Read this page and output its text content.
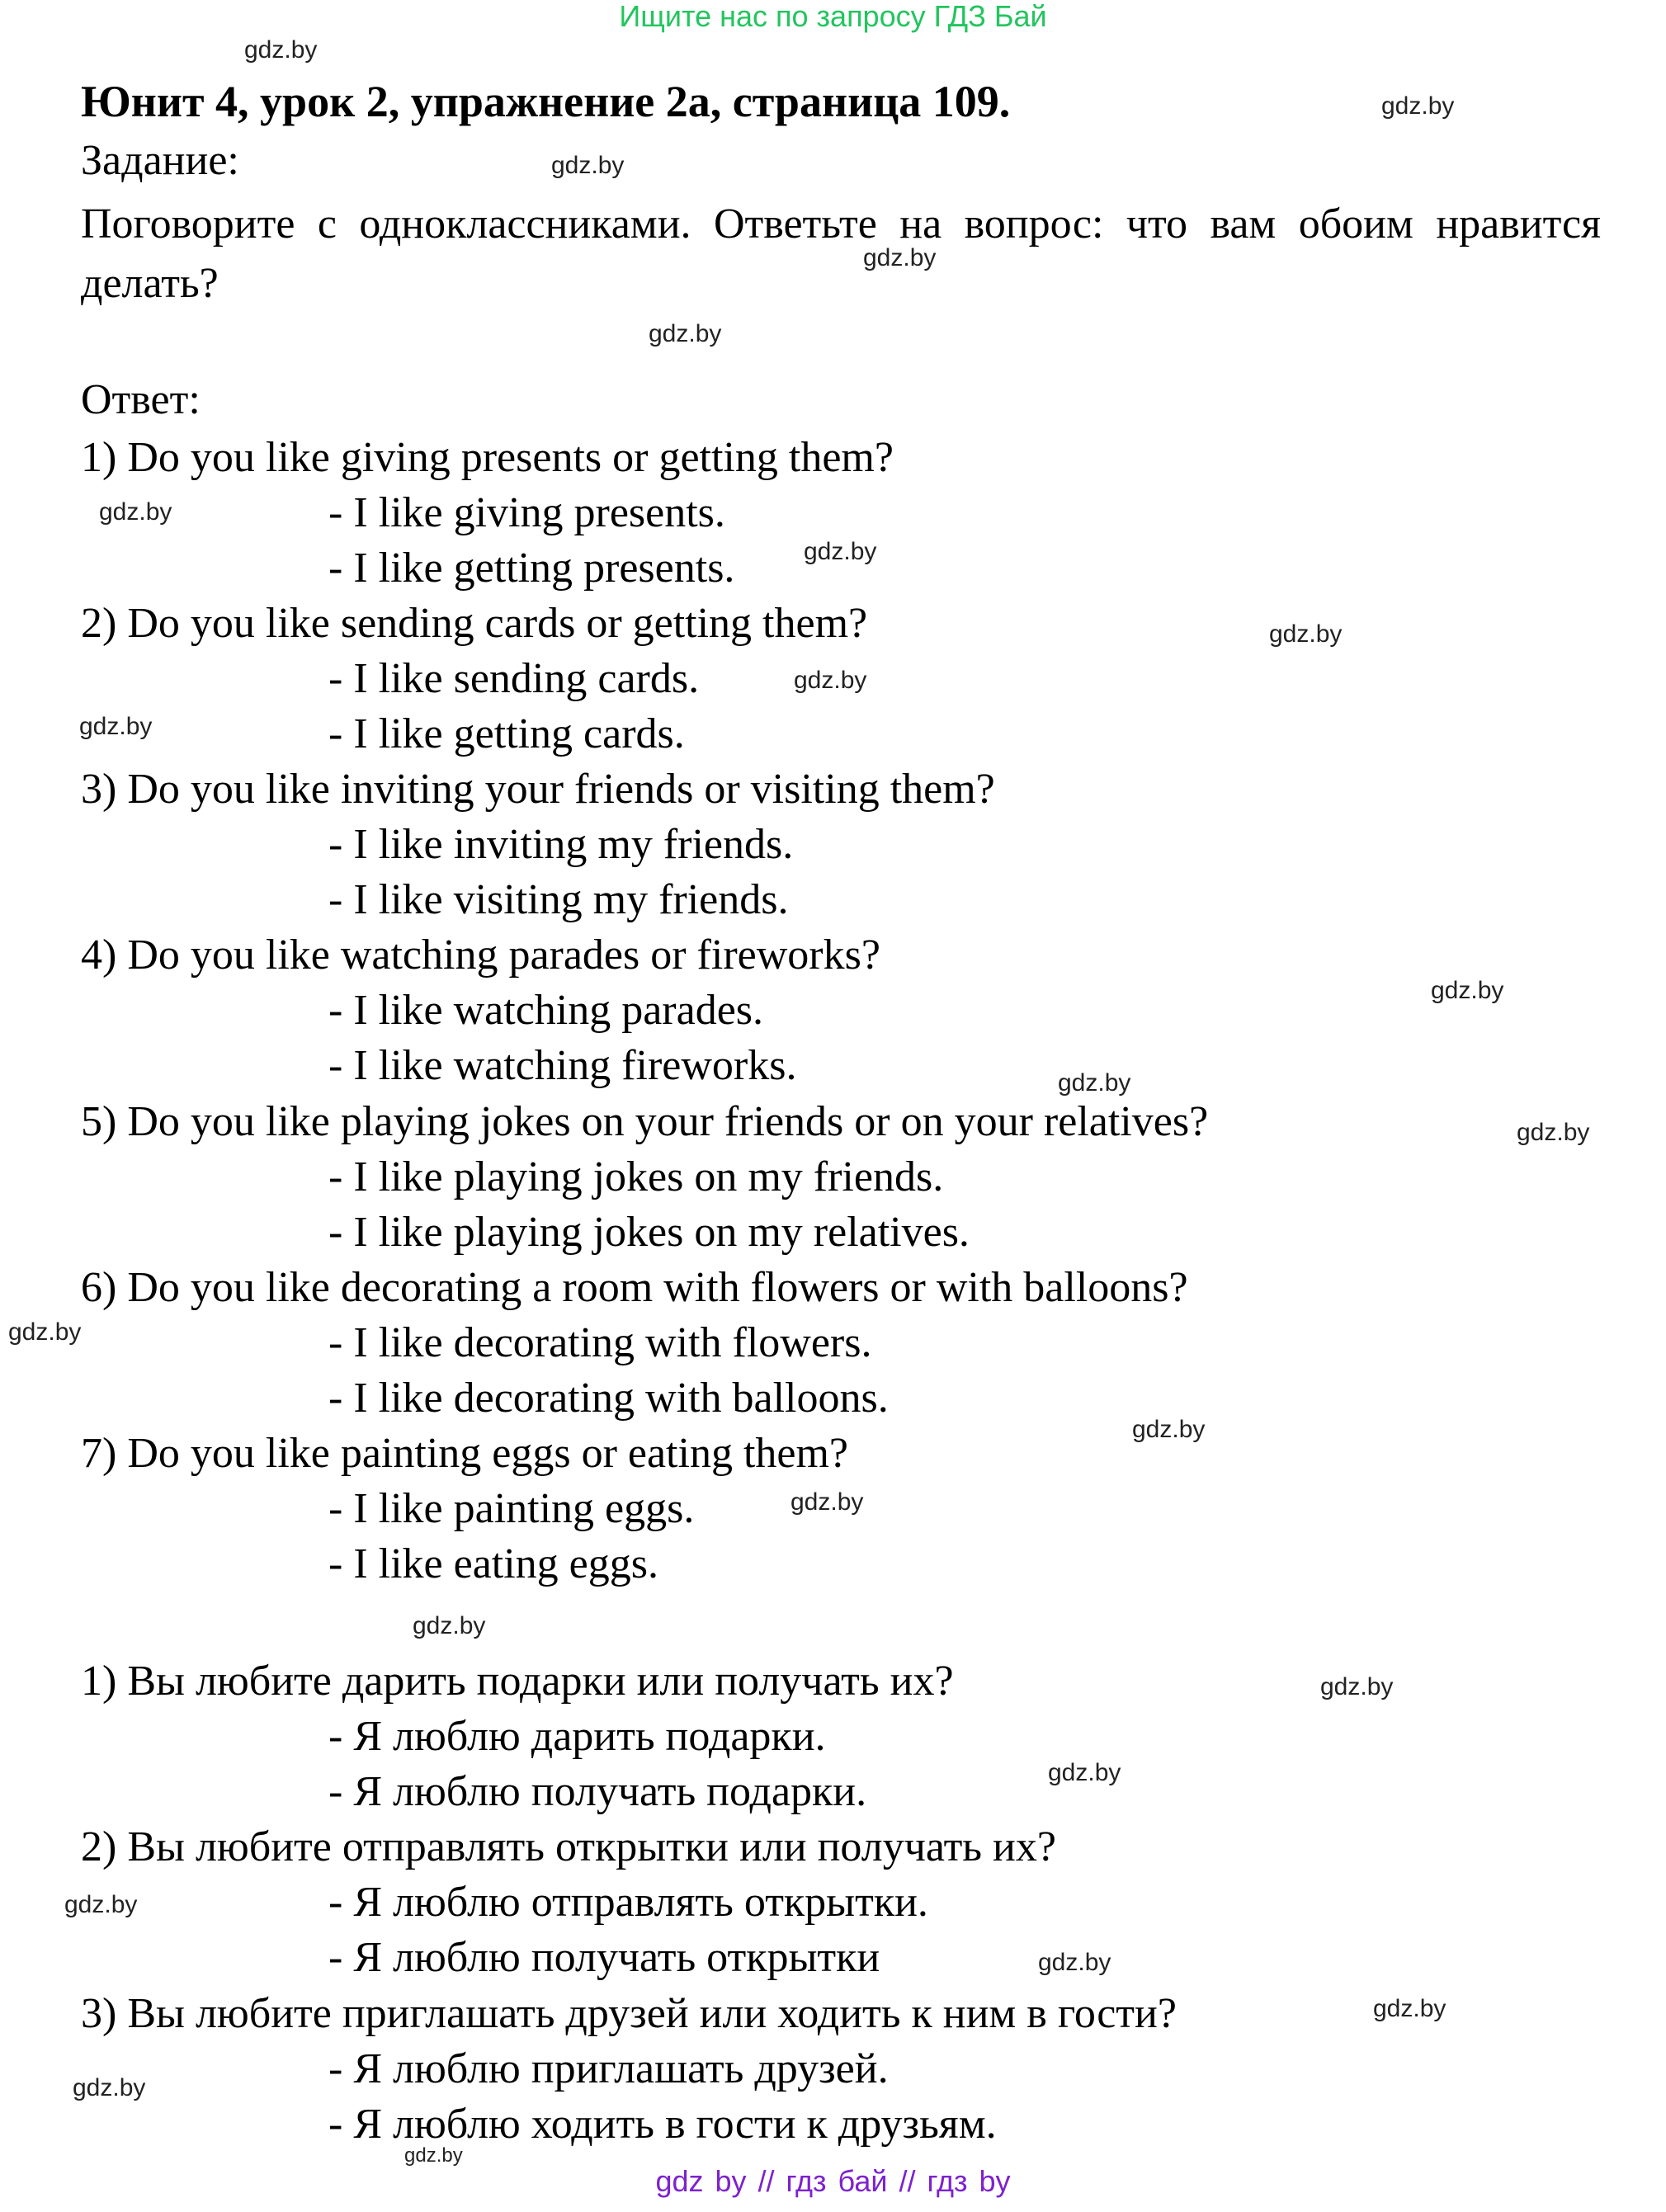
Ищите нас по запросу ГДЗ Бай
Юнит 4, урок 2, упражнение 2а, страница 109.
Задание:
Поговорите с одноклассниками. Ответьте на вопрос: что вам обоим нравится делать?
Ответ:
1) Do you like giving presents or getting them?
- I like giving presents.
- I like getting presents.
2) Do you like sending cards or getting them?
- I like sending cards.
- I like getting cards.
3) Do you like inviting your friends or visiting them?
- I like inviting my friends.
- I like visiting my friends.
4) Do you like watching parades or fireworks?
- I like watching parades.
- I like watching fireworks.
5) Do you like playing jokes on your friends or on your relatives?
- I like playing jokes on my friends.
- I like playing jokes on my relatives.
6) Do you like decorating a room with flowers or with balloons?
- I like decorating with flowers.
- I like decorating with balloons.
7) Do you like painting eggs or eating them?
- I like painting eggs.
- I like eating eggs.
1) Вы любите дарить подарки или получать их?
- Я люблю дарить подарки.
- Я люблю получать подарки.
2) Вы любите отправлять открытки или получать их?
- Я люблю отправлять открытки.
- Я люблю получать открытки
3) Вы любите приглашать друзей или ходить к ним в гости?
- Я люблю приглашать друзей.
- Я люблю ходить в гости к друзьям.
gdz.by
gdz.by
gdz.by
gdz.by
gdz.by
gdz.by
gdz.by
gdz.by
gdz.by
gdz.by
gdz.by
gdz.by
gdz.by
gdz.by
gdz.by
gdz.by
gdz.by
gdz.by
gdz.by
gdz.by
gdz.by
gdz.by
gdz.by
gdz.by
gdz by // гдз бай // гдз by
